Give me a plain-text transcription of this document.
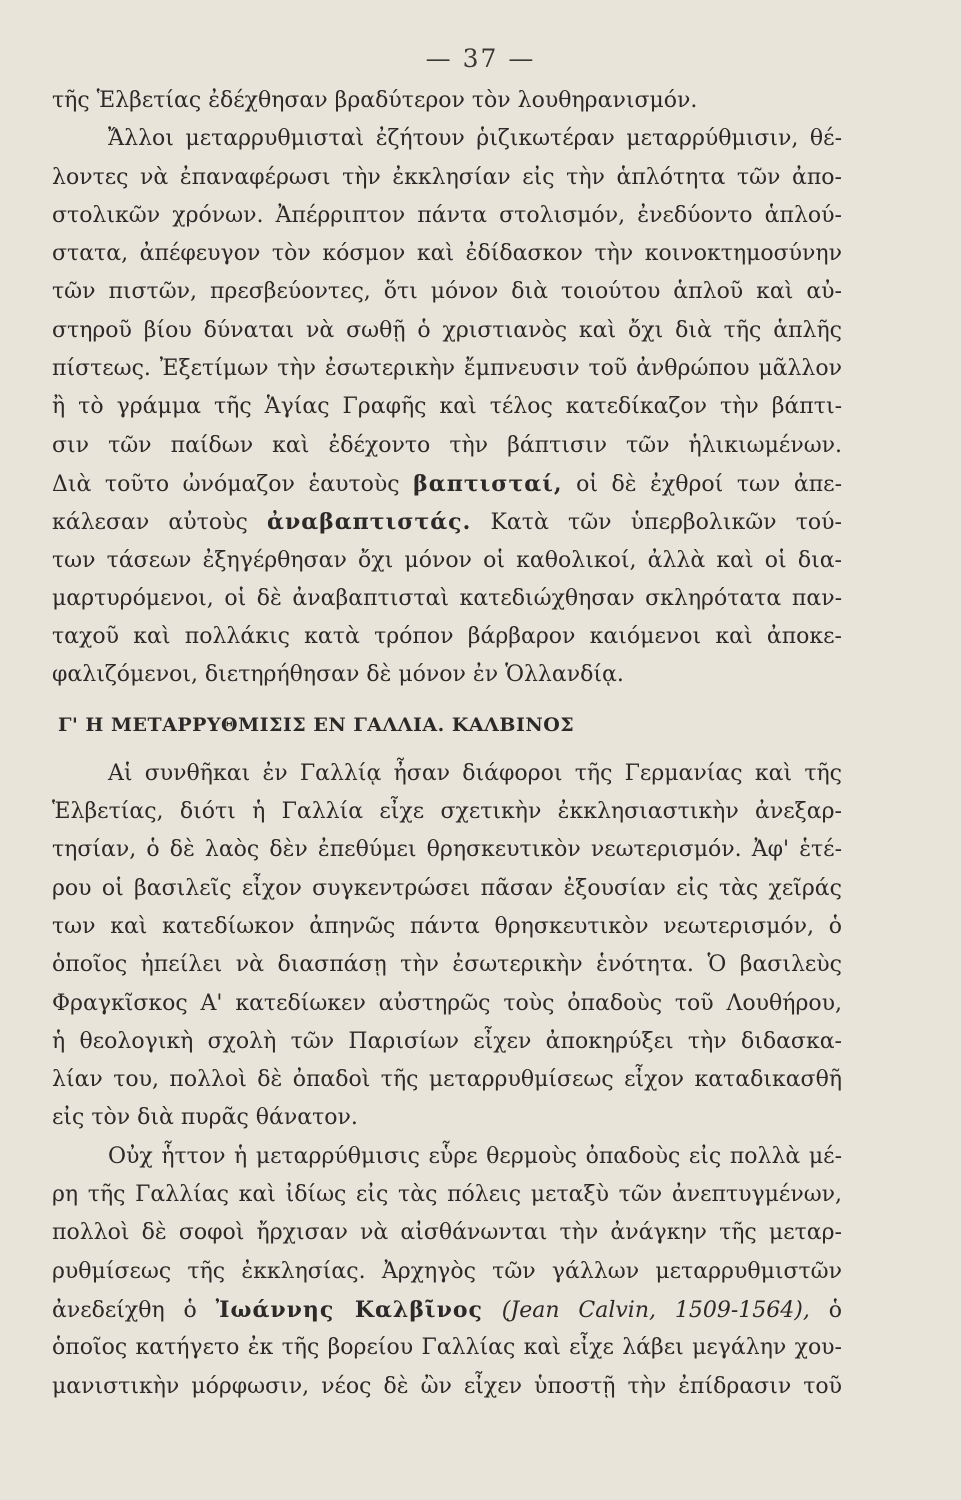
— 37 —
τῆς Ἑλβετίας ἐδέχθησαν βραδύτερον τὸν λουθηρανισμόν.
Ἄλλοι μεταρρυθμισταὶ ἐζήτουν ῥιζικωτέραν μεταρρύθμισιν, θέ-
λοντες νὰ ἐπαναφέρωσι τὴν ἐκκλησίαν εἰς τὴν ἁπλότητα τῶν ἀπο-
στολικῶν χρόνων. Ἀπέρριπτον πάντα στολισμόν, ἐνεδύοντο ἁπλού-
στατα, ἀπέφευγον τὸν κόσμον καὶ ἐδίδασκον τὴν κοινοκτημοσύνην
τῶν πιστῶν, πρεσβεύοντες, ὅτι μόνον διὰ τοιούτου ἁπλοῦ καὶ αὐ-
στηροῦ βίου δύναται νὰ σωθῇ ὁ χριστιανὸς καὶ ὄχι διὰ τῆς ἁπλῆς
πίστεως. Ἐξετίμων τὴν ἐσωτερικὴν ἔμπνευσιν τοῦ ἀνθρώπου μᾶλλον
ἢ τὸ γράμμα τῆς Ἁγίας Γραφῆς καὶ τέλος κατεδίκαζον τὴν βάπτι-
σιν τῶν παίδων καὶ ἐδέχοντο τὴν βάπτισιν τῶν ἡλικιωμένων.
Διὰ τοῦτο ὠνόμαζον ἑαυτοὺς βαπτισταί, οἱ δὲ ἐχθροί των ἀπε-
κάλεσαν αὐτοὺς ἀναβαπτιστάς. Κατὰ τῶν ὑπερβολικῶν τού-
των τάσεων ἐξηγέρθησαν ὄχι μόνον οἱ καθολικοί, ἀλλὰ καὶ οἱ δια-
μαρτυρόμενοι, οἱ δὲ ἀναβαπτισταὶ κατεδιώχθησαν σκληρότατα παν-
ταχοῦ καὶ πολλάκις κατὰ τρόπον βάρβαρον καιόμενοι καὶ ἀποκε-
φαλιζόμενοι, διετηρήθησαν δὲ μόνον ἐν Ὁλλανδίᾳ.
Γ' Η ΜΕΤΑΡΡΥΘΜΙΣΙΣ ΕΝ ΓΑΛΛΙΑ. ΚΑΛΒΙΝΟΣ
Αἱ συνθῆκαι ἐν Γαλλίᾳ ἦσαν διάφοροι τῆς Γερμανίας καὶ τῆς
Ἑλβετίας, διότι ἡ Γαλλία εἶχε σχετικὴν ἐκκλησιαστικὴν ἀνεξαρ-
τησίαν, ὁ δὲ λαὸς δὲν ἐπεθύμει θρησκευτικὸν νεωτερισμόν. Ἀφ' ἑτέ-
ρου οἱ βασιλεῖς εἶχον συγκεντρώσει πᾶσαν ἐξουσίαν εἰς τὰς χεῖράς
των καὶ κατεδίωκον ἀπηνῶς πάντα θρησκευτικὸν νεωτερισμόν, ὁ
ὁποῖος ἠπείλει νὰ διασπάσῃ τὴν ἐσωτερικὴν ἑνότητα. Ὁ βασιλεὺς
Φραγκῖσκος Α' κατεδίωκεν αὐστηρῶς τοὺς ὀπαδοὺς τοῦ Λουθήρου,
ἡ θεολογικὴ σχολὴ τῶν Παρισίων εἶχεν ἀποκηρύξει τὴν διδασκα-
λίαν του, πολλοὶ δὲ ὀπαδοὶ τῆς μεταρρυθμίσεως εἶχον καταδικασθῆ
εἰς τὸν διὰ πυρᾶς θάνατον.
Οὐχ ἧττον ἡ μεταρρύθμισις εὗρε θερμοὺς ὀπαδοὺς εἰς πολλὰ μέ-
ρη τῆς Γαλλίας καὶ ἰδίως εἰς τὰς πόλεις μεταξὺ τῶν ἀνεπτυγμένων,
πολλοὶ δὲ σοφοὶ ἤρχισαν νὰ αἰσθάνωνται τὴν ἀνάγκην τῆς μεταρ-
ρυθμίσεως τῆς ἐκκλησίας. Ἀρχηγὸς τῶν γάλλων μεταρρυθμιστῶν
ἀνεδείχθη ὁ Ἰωάννης Καλβῖνος (Jean Calvin, 1509-1564), ὁ
ὁποῖος κατήγετο ἐκ τῆς βορείου Γαλλίας καὶ εἶχε λάβει μεγάλην χου-
μανιστικὴν μόρφωσιν, νέος δὲ ὢν εἶχεν ὑποστῇ τὴν ἐπίδρασιν τοῦ
